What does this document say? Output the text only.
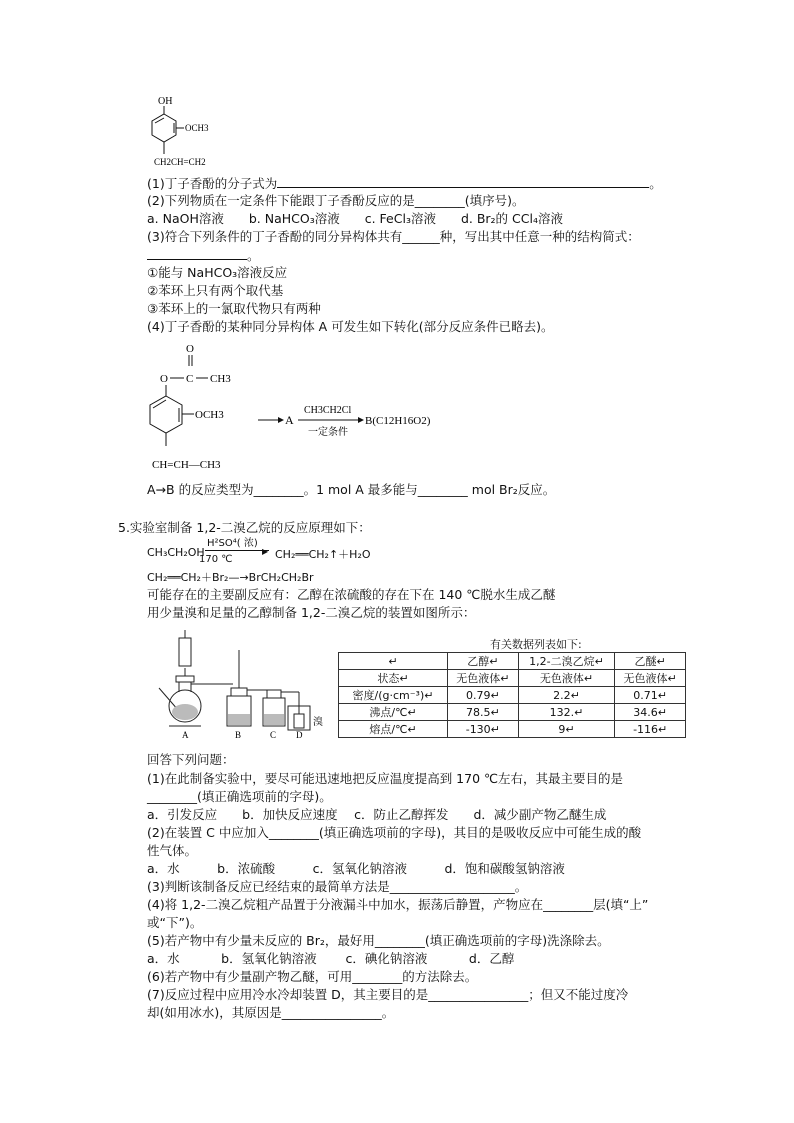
OH
OCH3
CH2CH=CH2
(1)丁子香酚的分子式为	。
(2)下列物质在一定条件下能跟丁子香酚反应的是________(填序号)。
a. NaOH溶液　　b. NaHCO₃溶液　　c. FeCl₃溶液　　d. Br₂的 CCl₄溶液
(3)符合下列条件的丁子香酚的同分异构体共有______种，写出其中任意一种的结构简式：
。
①能与 NaHCO₃溶液反应
②苯环上只有两个取代基
③苯环上的一氯取代物只有两种
(4)丁子香酚的某种同分异构体 A 可发生如下转化(部分反应条件已略去)。
O
O C CH3
OCH3
CH=CH—CH3
A
CH3CH2Cl
一定条件
B(C12H16O2)
A→B 的反应类型为________。1 mol A 最多能与________ mol Br₂反应。
5.实验室制备 1,2-二溴乙烷的反应原理如下：
CH₃CH₂OH
H²SO⁴( 浓)
▶
170 ℃	CH₂══CH₂↑＋H₂O
CH₂══CH₂＋Br₂—→BrCH₂CH₂Br
可能存在的主要副反应有：乙醇在浓硫酸的存在下在 140 ℃脱水生成乙醚
用少量溴和足量的乙醇制备 1,2-二溴乙烷的装置如图所示：
A	B	C D
溴
有关数据列表如下:
↵	乙醇↵	1,2-二溴乙烷↵	乙醚↵
状态↵	无色液体↵	无色液体↵	无色液体↵
密度/(g·cm⁻³)↵	0.79↵	2.2↵	0.71↵
沸点/℃↵	78.5↵	132.↵	34.6↵
熔点/℃↵	-130↵	9↵	-116↵
回答下列问题：
(1)在此制备实验中，要尽可能迅速地把反应温度提高到 170 ℃左右，其最主要目的是
________(填正确选项前的字母)。
a．引发反应　　b．加快反应速度　 c．防止乙醇挥发　　d．减少副产物乙醚生成
(2)在装置 C 中应加入________(填正确选项前的字母)，其目的是吸收反应中可能生成的酸
性气体。
a．水　　　b．浓硫酸　　　c．氢氧化钠溶液　　　d．饱和碳酸氢钠溶液
(3)判断该制备反应已经结束的最简单方法是____________________。
(4)将 1,2-二溴乙烷粗产品置于分液漏斗中加水，振荡后静置，产物应在________层(填“上”
或“下”)。
(5)若产物中有少量未反应的 Br₂，最好用________(填正确选项前的字母)洗涤除去。
a．水　　　 b．氢氧化钠溶液　　 c．碘化钠溶液　　　 d．乙醇
(6)若产物中有少量副产物乙醚，可用________的方法除去。
(7)反应过程中应用冷水冷却装置 D，其主要目的是________________；但又不能过度冷
却(如用冰水)，其原因是________________。
